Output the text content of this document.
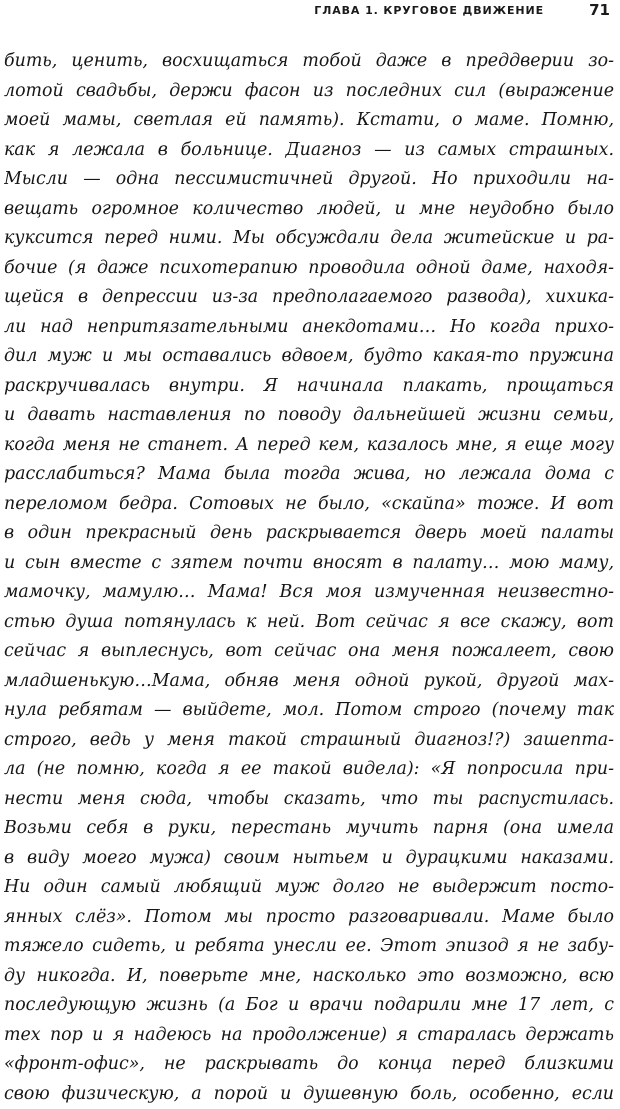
ГЛАВА 1. КРУГОВОЕ ДВИЖЕНИЕ	71
бить, ценить, восхищаться тобой даже в преддверии зо-
лотой свадьбы, держи фасон из последних сил (выражение
моей мамы, светлая ей память). Кстати, о маме. Помню,
как я лежала в больнице. Диагноз — из самых страшных.
Мысли — одна пессимистичней другой. Но приходили на-
вещать огромное количество людей, и мне неудобно было
куксится перед ними. Мы обсуждали дела житейские и ра-
бочие (я даже психотерапию проводила одной даме, находя-
щейся в депрессии из-за предполагаемого развода), хихика-
ли над непритязательными анекдотами… Но когда прихо-
дил муж и мы оставались вдвоем, будто какая-то пружина
раскручивалась внутри. Я начинала плакать, прощаться
и давать наставления по поводу дальнейшей жизни семьи,
когда меня не станет. А перед кем, казалось мне, я еще могу
расслабиться? Мама была тогда жива, но лежала дома с
переломом бедра. Сотовых не было, «скайпа» тоже. И вот
в один прекрасный день раскрывается дверь моей палаты
и сын вместе с зятем почти вносят в палату… мою маму,
мамочку, мамулю… Мама! Вся моя измученная неизвестно-
стью душа потянулась к ней. Вот сейчас я все скажу, вот
сейчас я выплеснусь, вот сейчас она меня пожалеет, свою
младшенькую…Мама, обняв меня одной рукой, другой мах-
нула ребятам — выйдете, мол. Потом строго (почему так
строго, ведь у меня такой страшный диагноз!?) зашептa-
ла (не помню, когда я ее такой видела): «Я попросила при-
нести меня сюда, чтобы сказать, что ты распустилась.
Возьми себя в руки, перестань мучить парня (она имела
в виду моего мужа) своим нытьем и дурацкими наказами.
Ни один самый любящий муж долго не выдержит посто-
янных слёз». Потом мы просто разговаривали. Маме было
тяжело сидеть, и ребята унесли ее. Этот эпизод я не забу-
ду никогда. И, поверьте мне, насколько это возможно, всю
последующую жизнь (а Бог и врачи подарили мне 17 лет, с
тех пор и я надеюсь на продолжение) я старалась держать
«фронт-офис», не раскрывать до конца перед близкими
свою физическую, а порой и душевную боль, особенно, если
